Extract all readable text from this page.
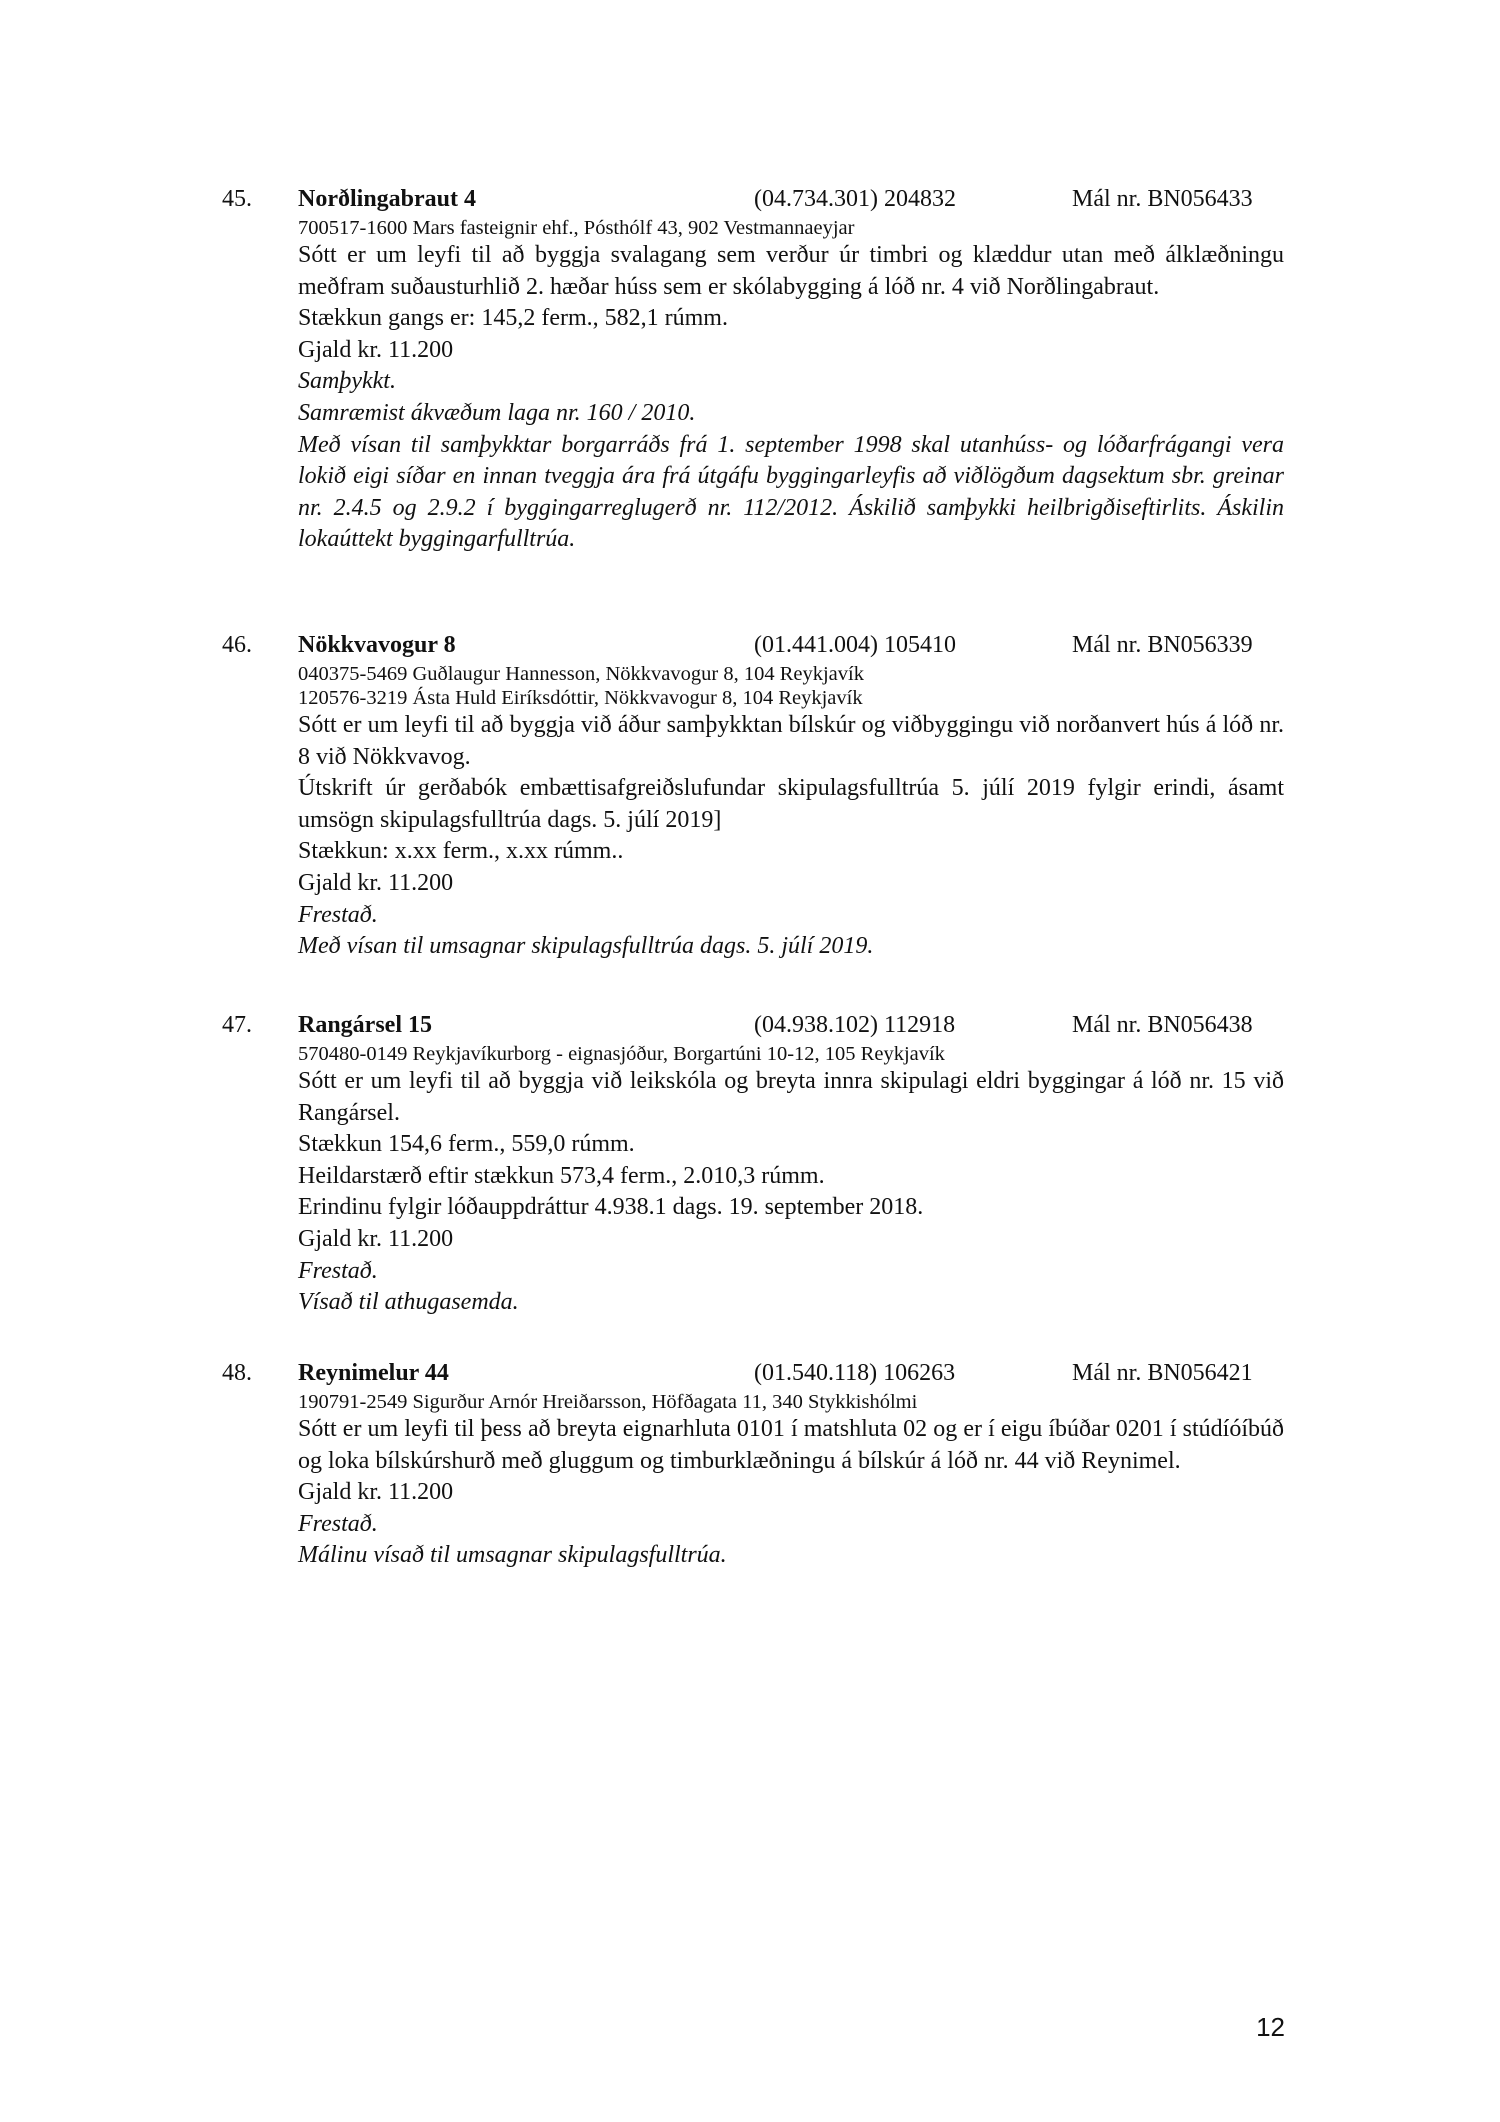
45. Norðlingabraut 4	(04.734.301) 204832	Mál nr. BN056433
700517-1600 Mars fasteignir ehf., Pósthólf 43, 902 Vestmannaeyjar
Sótt er um leyfi til að byggja svalagang sem verður úr timbri og klæddur utan með álklæðningu meðfram suðausturhlið 2. hæðar húss sem er skólabygging á lóð nr. 4 við Norðlingabraut.
Stækkun gangs er: 145,2 ferm., 582,1 rúmm.
Gjald kr. 11.200
Samþykkt.
Samræmist ákvæðum laga nr. 160 / 2010.
Með vísan til samþykktar borgarráðs frá 1. september 1998 skal utanhúss- og lóðarfrágangi vera lokið eigi síðar en innan tveggja ára frá útgáfu byggingarleyfis að viðlögðum dagsektum sbr. greinar nr. 2.4.5 og 2.9.2 í byggingarreglugerð nr. 112/2012. Áskilið samþykki heilbrigðiseftirlits. Áskilin lokaúttekt byggingarfulltrúa.
46. Nökkvavogur 8	(01.441.004) 105410	Mál nr. BN056339
040375-5469 Guðlaugur Hannesson, Nökkvavogur 8, 104 Reykjavík
120576-3219 Ásta Huld Eiríksdóttir, Nökkvavogur 8, 104 Reykjavík
Sótt er um leyfi til að byggja við áður samþykktan bílskúr og viðbyggingu við norðanvert hús á lóð nr. 8 við Nökkvavog.
Útskrift úr gerðabók embættisafgreiðslufundar skipulagsfulltrúa 5. júlí 2019 fylgir erindi, ásamt umsögn skipulagsfulltrúa dags. 5. júlí 2019]
Stækkun: x.xx ferm., x.xx rúmm..
Gjald kr. 11.200
Frestað.
Með vísan til umsagnar skipulagsfulltrúa dags. 5. júlí 2019.
47. Rangársel 15	(04.938.102) 112918	Mál nr. BN056438
570480-0149 Reykjavíkurborg - eignasjóður, Borgartúni 10-12, 105 Reykjavík
Sótt er um leyfi til að byggja við leikskóla og breyta innra skipulagi eldri byggingar á lóð nr. 15 við Rangársel.
Stækkun 154,6 ferm., 559,0 rúmm.
Heildarstærð eftir stækkun 573,4 ferm., 2.010,3 rúmm.
Erindinu fylgir lóðauppdráttur 4.938.1 dags. 19. september 2018.
Gjald kr. 11.200
Frestað.
Vísað til athugasemda.
48. Reynimelur 44	(01.540.118) 106263	Mál nr. BN056421
190791-2549 Sigurður Arnór Hreiðarsson, Höfðagata 11, 340 Stykkishólmi
Sótt er um leyfi til þess að breyta eignarhluta 0101 í matshluta 02 og er í eigu íbúðar 0201 í stúdíóíbúð og loka bílskúrshurð með gluggum og timburklæðningu á bílskúr á lóð nr. 44 við Reynimel.
Gjald kr. 11.200
Frestað.
Málinu vísað til umsagnar skipulagsfulltrúa.
12
